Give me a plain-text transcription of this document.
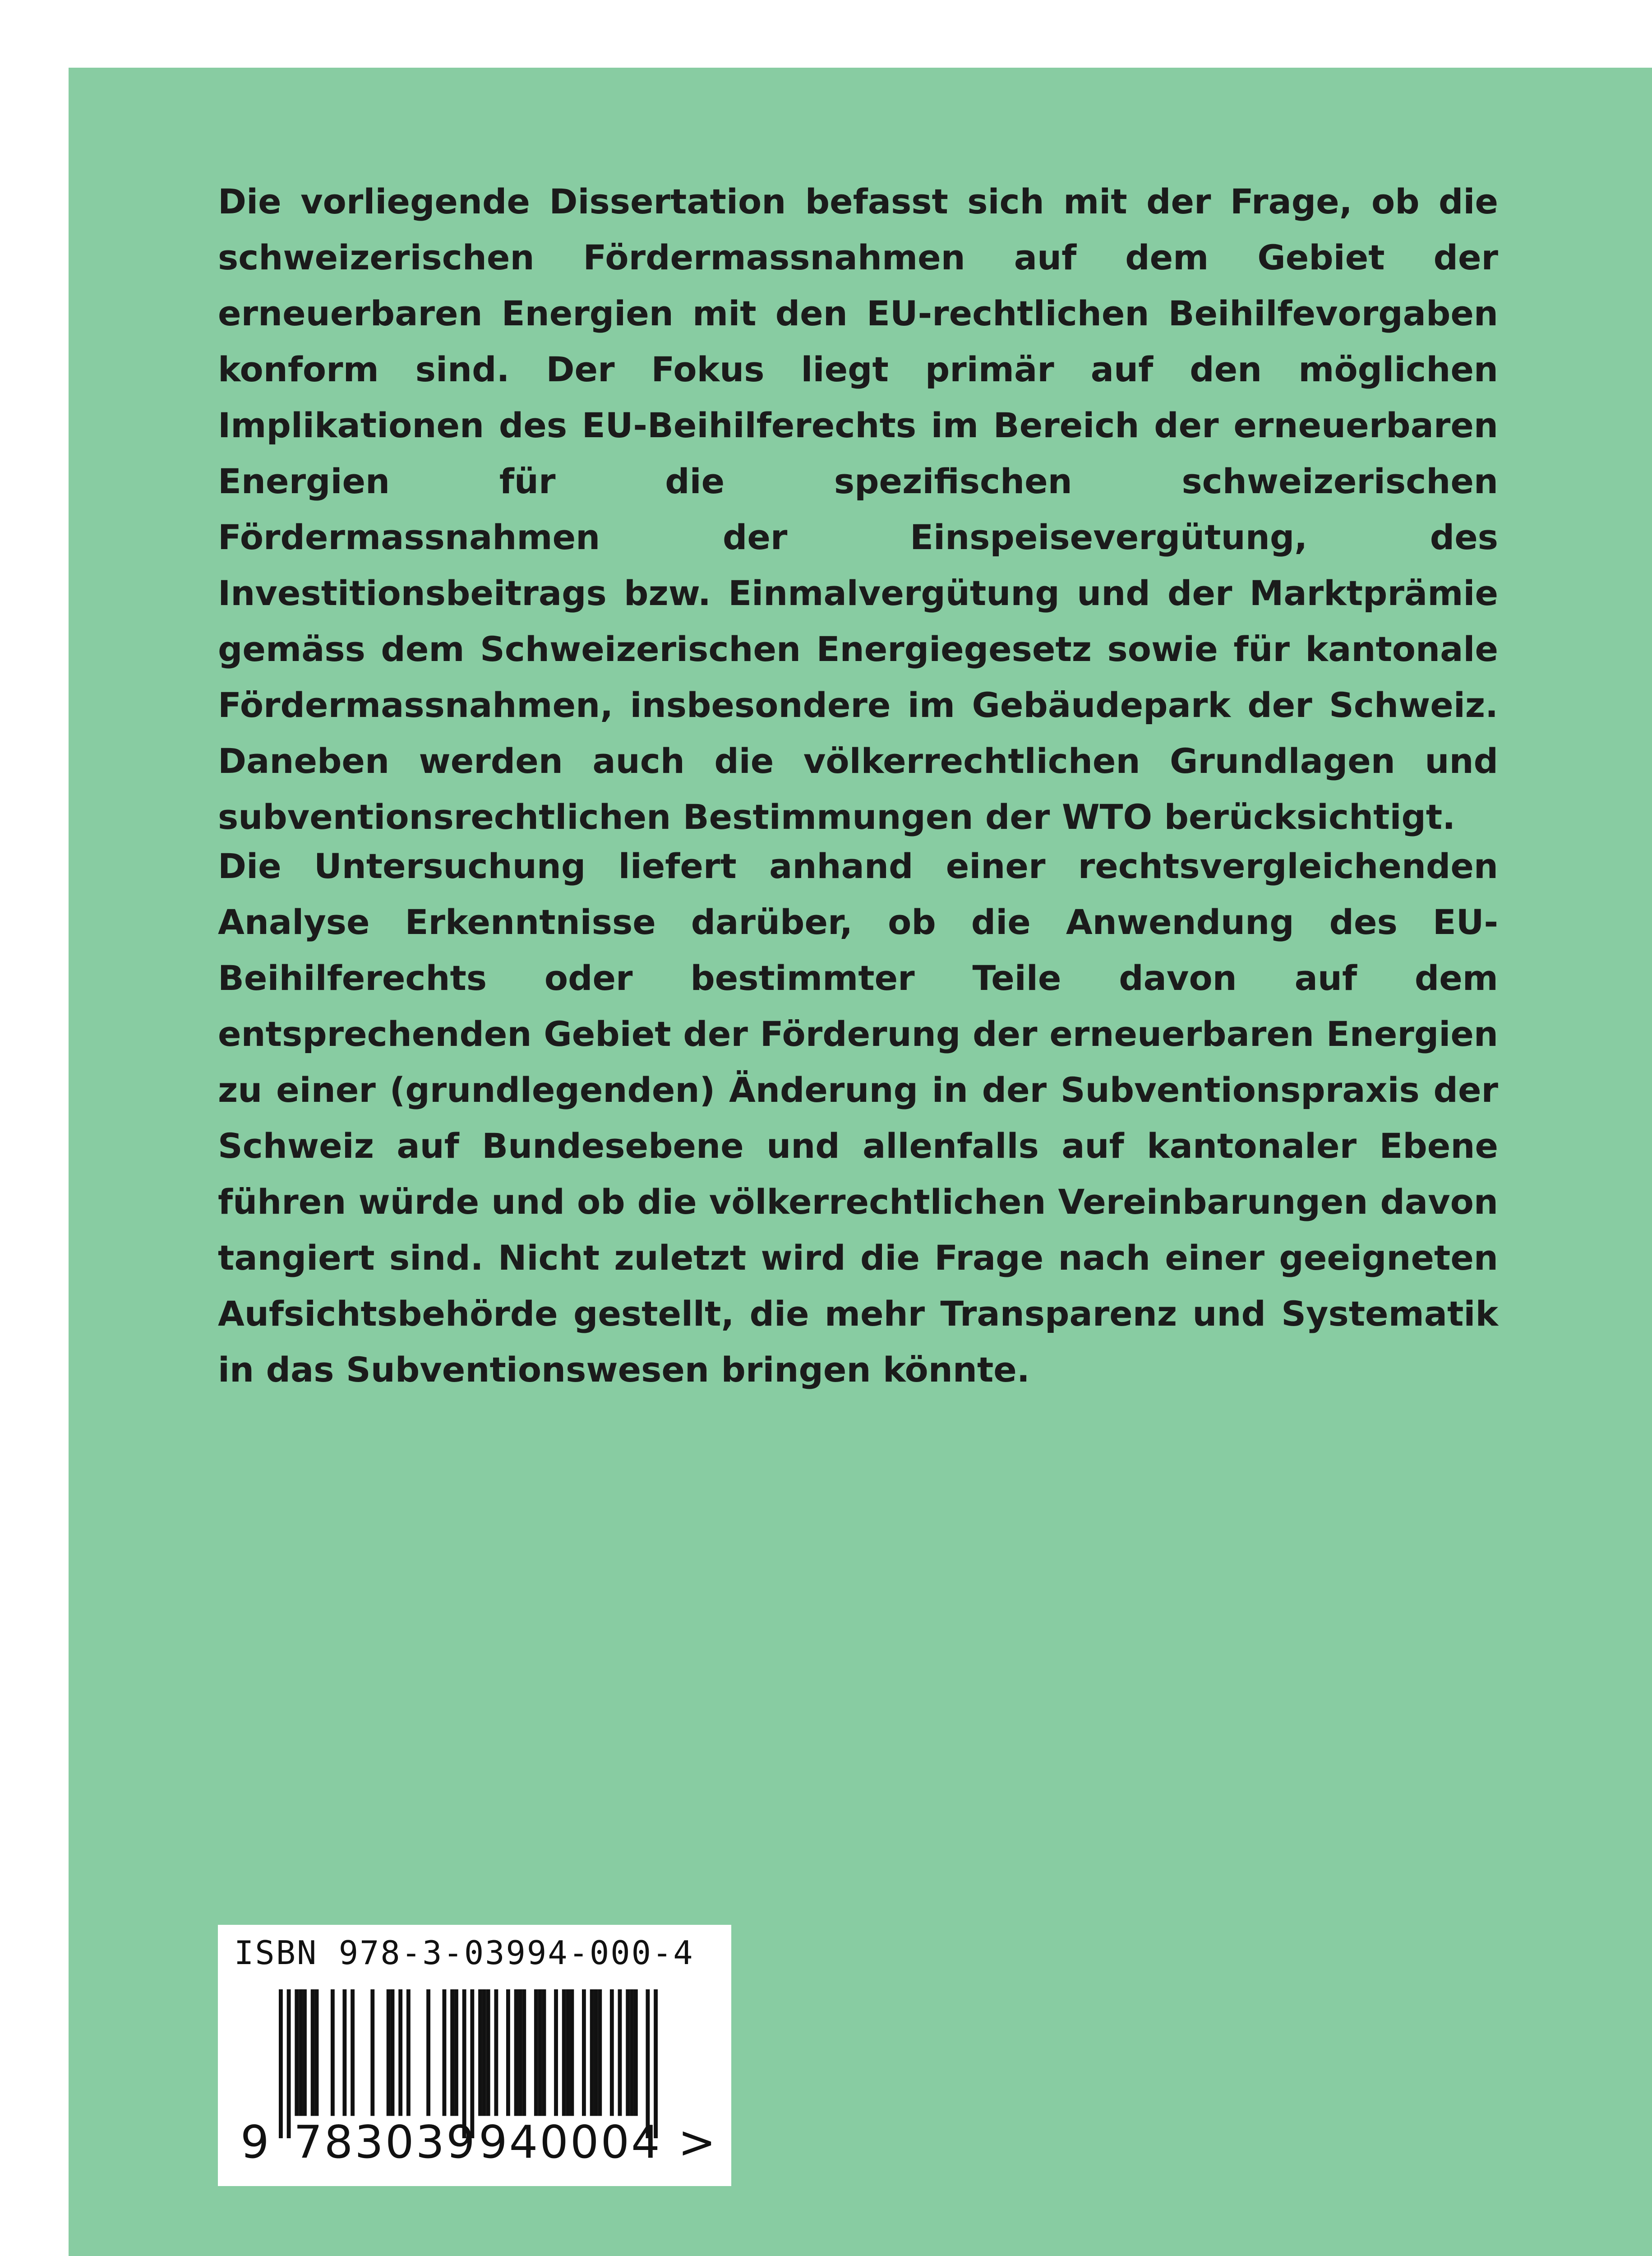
Die vorliegende Dissertation befasst sich mit der Frage, ob die schweizerischen Fördermassnahmen auf dem Gebiet der erneuerbaren Energien mit den EU-rechtlichen Beihilfevorgaben konform sind. Der Fokus liegt primär auf den möglichen Implikationen des EU-Beihilferechts im Bereich der erneuerbaren Energien für die spezifischen schweizerischen Fördermassnahmen der Einspeisevergütung, des Investitionsbeitrags bzw. Einmalvergütung und der Marktprämie gemäss dem Schweizerischen Energiegesetz sowie für kantonale Fördermassnahmen, insbesondere im Gebäudepark der Schweiz. Daneben werden auch die völkerrechtlichen Grundlagen und subventionsrechtlichen Bestimmungen der WTO berücksichtigt.

Die Untersuchung liefert anhand einer rechtsvergleichenden Analyse Erkenntnisse darüber, ob die Anwendung des EU-Beihilferechts oder bestimmter Teile davon auf dem entsprechenden Gebiet der Förderung der erneuerbaren Energien zu einer (grundlegenden) Änderung in der Subventionspraxis der Schweiz auf Bundesebene und allenfalls auf kantonaler Ebene führen würde und ob die völkerrechtlichen Vereinbarungen davon tangiert sind. Nicht zuletzt wird die Frage nach einer geeigneten Aufsichtsbehörde gestellt, die mehr Transparenz und Systematik in das Subventionswesen bringen könnte.

ISBN 978-3-03994-000-4
9 783039 940004 >
